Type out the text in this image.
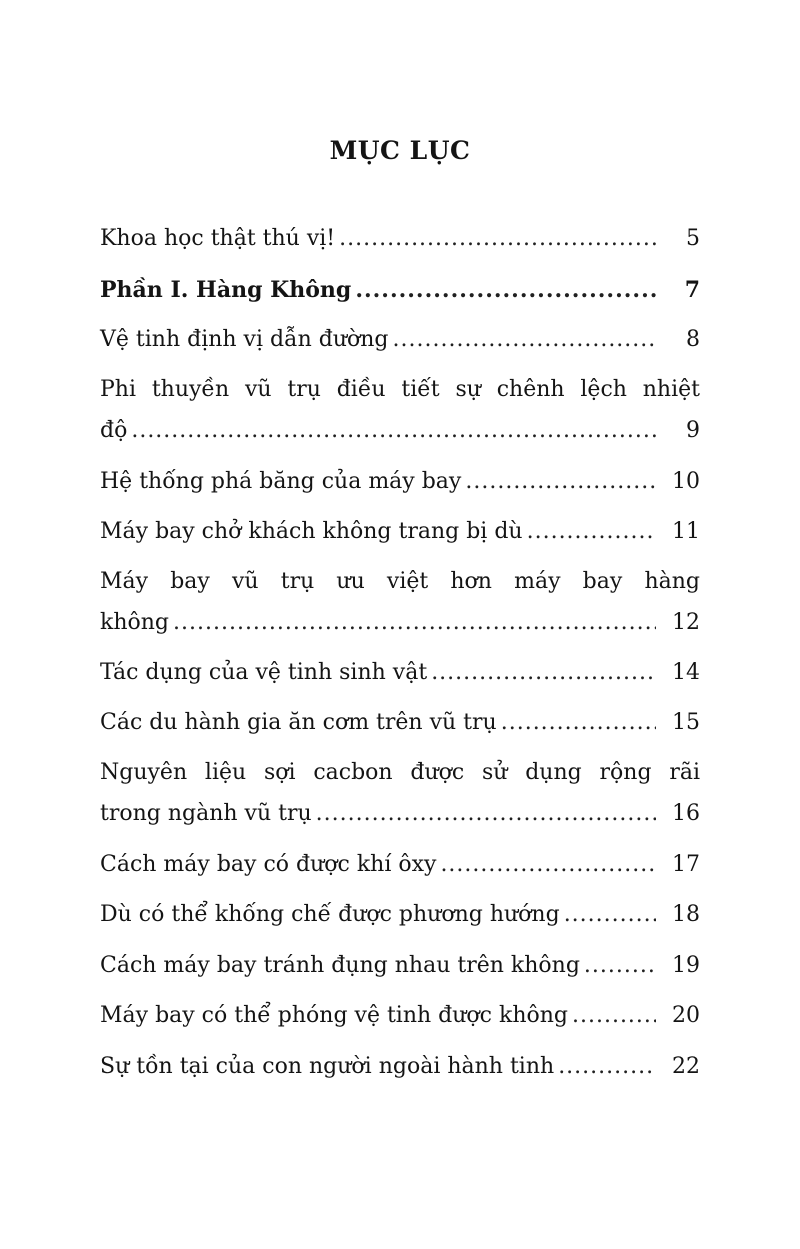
MỤC LỤC
Khoa học thật thú vị! .....	5
Phần I. Hàng Không .....	7
Vệ tinh định vị dẫn đường .....	8
Phi thuyền vũ trụ điều tiết sự chênh lệch nhiệt
độ .....	9
Hệ thống phá băng của máy bay .....	10
Máy bay chở khách không trang bị dù .....	11
Máy bay vũ trụ ưu việt hơn máy bay hàng
không .....	12
Tác dụng của vệ tinh sinh vật .....	14
Các du hành gia ăn cơm trên vũ trụ .....	15
Nguyên liệu sợi cacbon được sử dụng rộng rãi
trong ngành vũ trụ .....	16
Cách máy bay có được khí ôxy .....	17
Dù có thể khống chế được phương hướng .....	18
Cách máy bay tránh đụng nhau trên không .....	19
Máy bay có thể phóng vệ tinh được không .....	20
Sự tồn tại của con người ngoài hành tinh .....	22
